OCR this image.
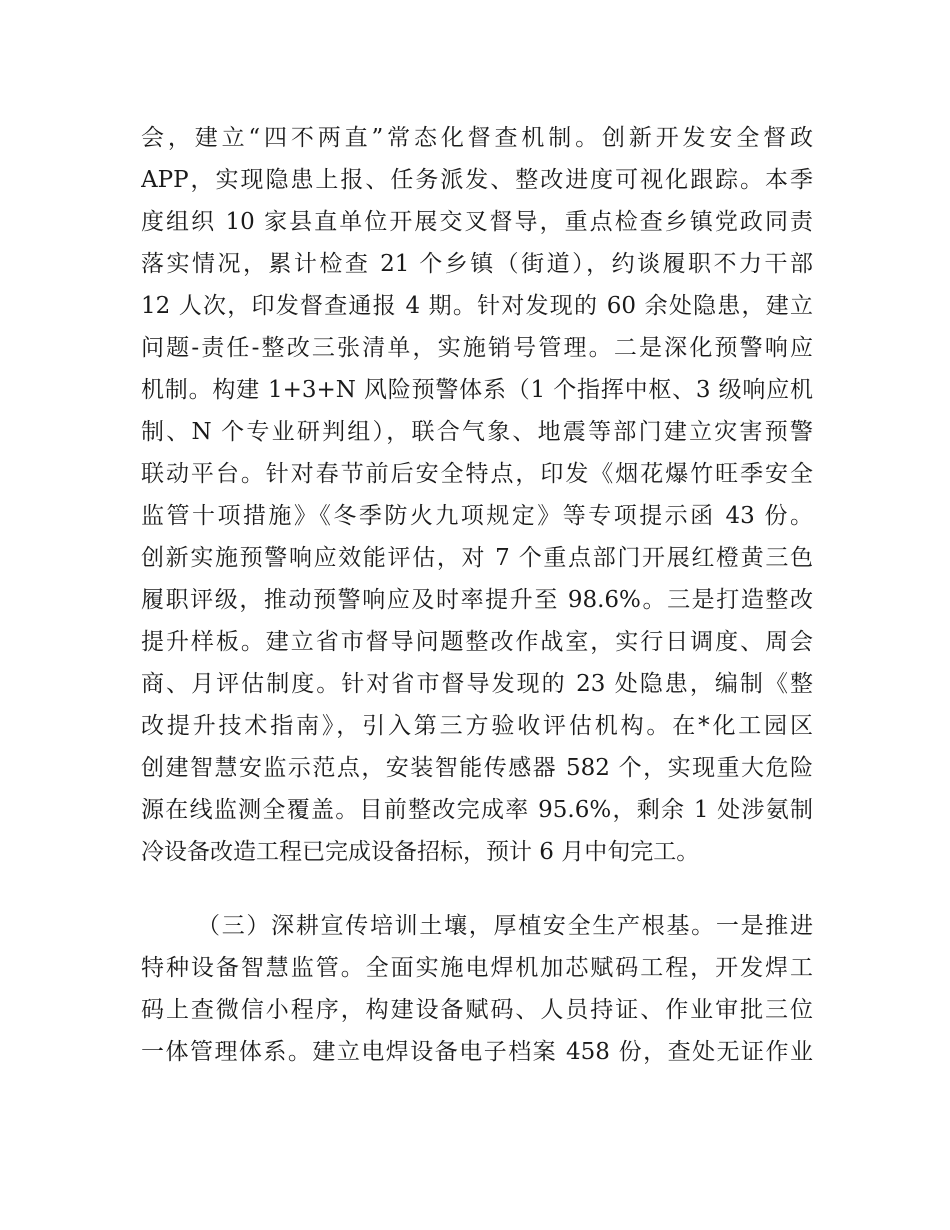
会，建立“四不两直”常态化督查机制。创新开发安全督政
APP，实现隐患上报、任务派发、整改进度可视化跟踪。本季
度组织 10 家县直单位开展交叉督导，重点检查乡镇党政同责
落实情况，累计检查 21 个乡镇（街道），约谈履职不力干部
12 人次，印发督查通报 4 期。针对发现的 60 余处隐患，建立
问题-责任-整改三张清单，实施销号管理。二是深化预警响应
机制。构建 1+3+N 风险预警体系（1 个指挥中枢、3 级响应机
制、N 个专业研判组），联合气象、地震等部门建立灾害预警
联动平台。针对春节前后安全特点，印发《烟花爆竹旺季安全
监管十项措施》《冬季防火九项规定》等专项提示函 43 份。
创新实施预警响应效能评估，对 7 个重点部门开展红橙黄三色
履职评级，推动预警响应及时率提升至 98.6%。三是打造整改
提升样板。建立省市督导问题整改作战室，实行日调度、周会
商、月评估制度。针对省市督导发现的 23 处隐患，编制《整
改提升技术指南》，引入第三方验收评估机构。在*化工园区
创建智慧安监示范点，安装智能传感器 582 个，实现重大危险
源在线监测全覆盖。目前整改完成率 95.6%，剩余 1 处涉氨制
冷设备改造工程已完成设备招标，预计 6 月中旬完工。
（三）深耕宣传培训土壤，厚植安全生产根基。一是推进
特种设备智慧监管。全面实施电焊机加芯赋码工程，开发焊工
码上查微信小程序，构建设备赋码、人员持证、作业审批三位
一体管理体系。建立电焊设备电子档案 458 份，查处无证作业
